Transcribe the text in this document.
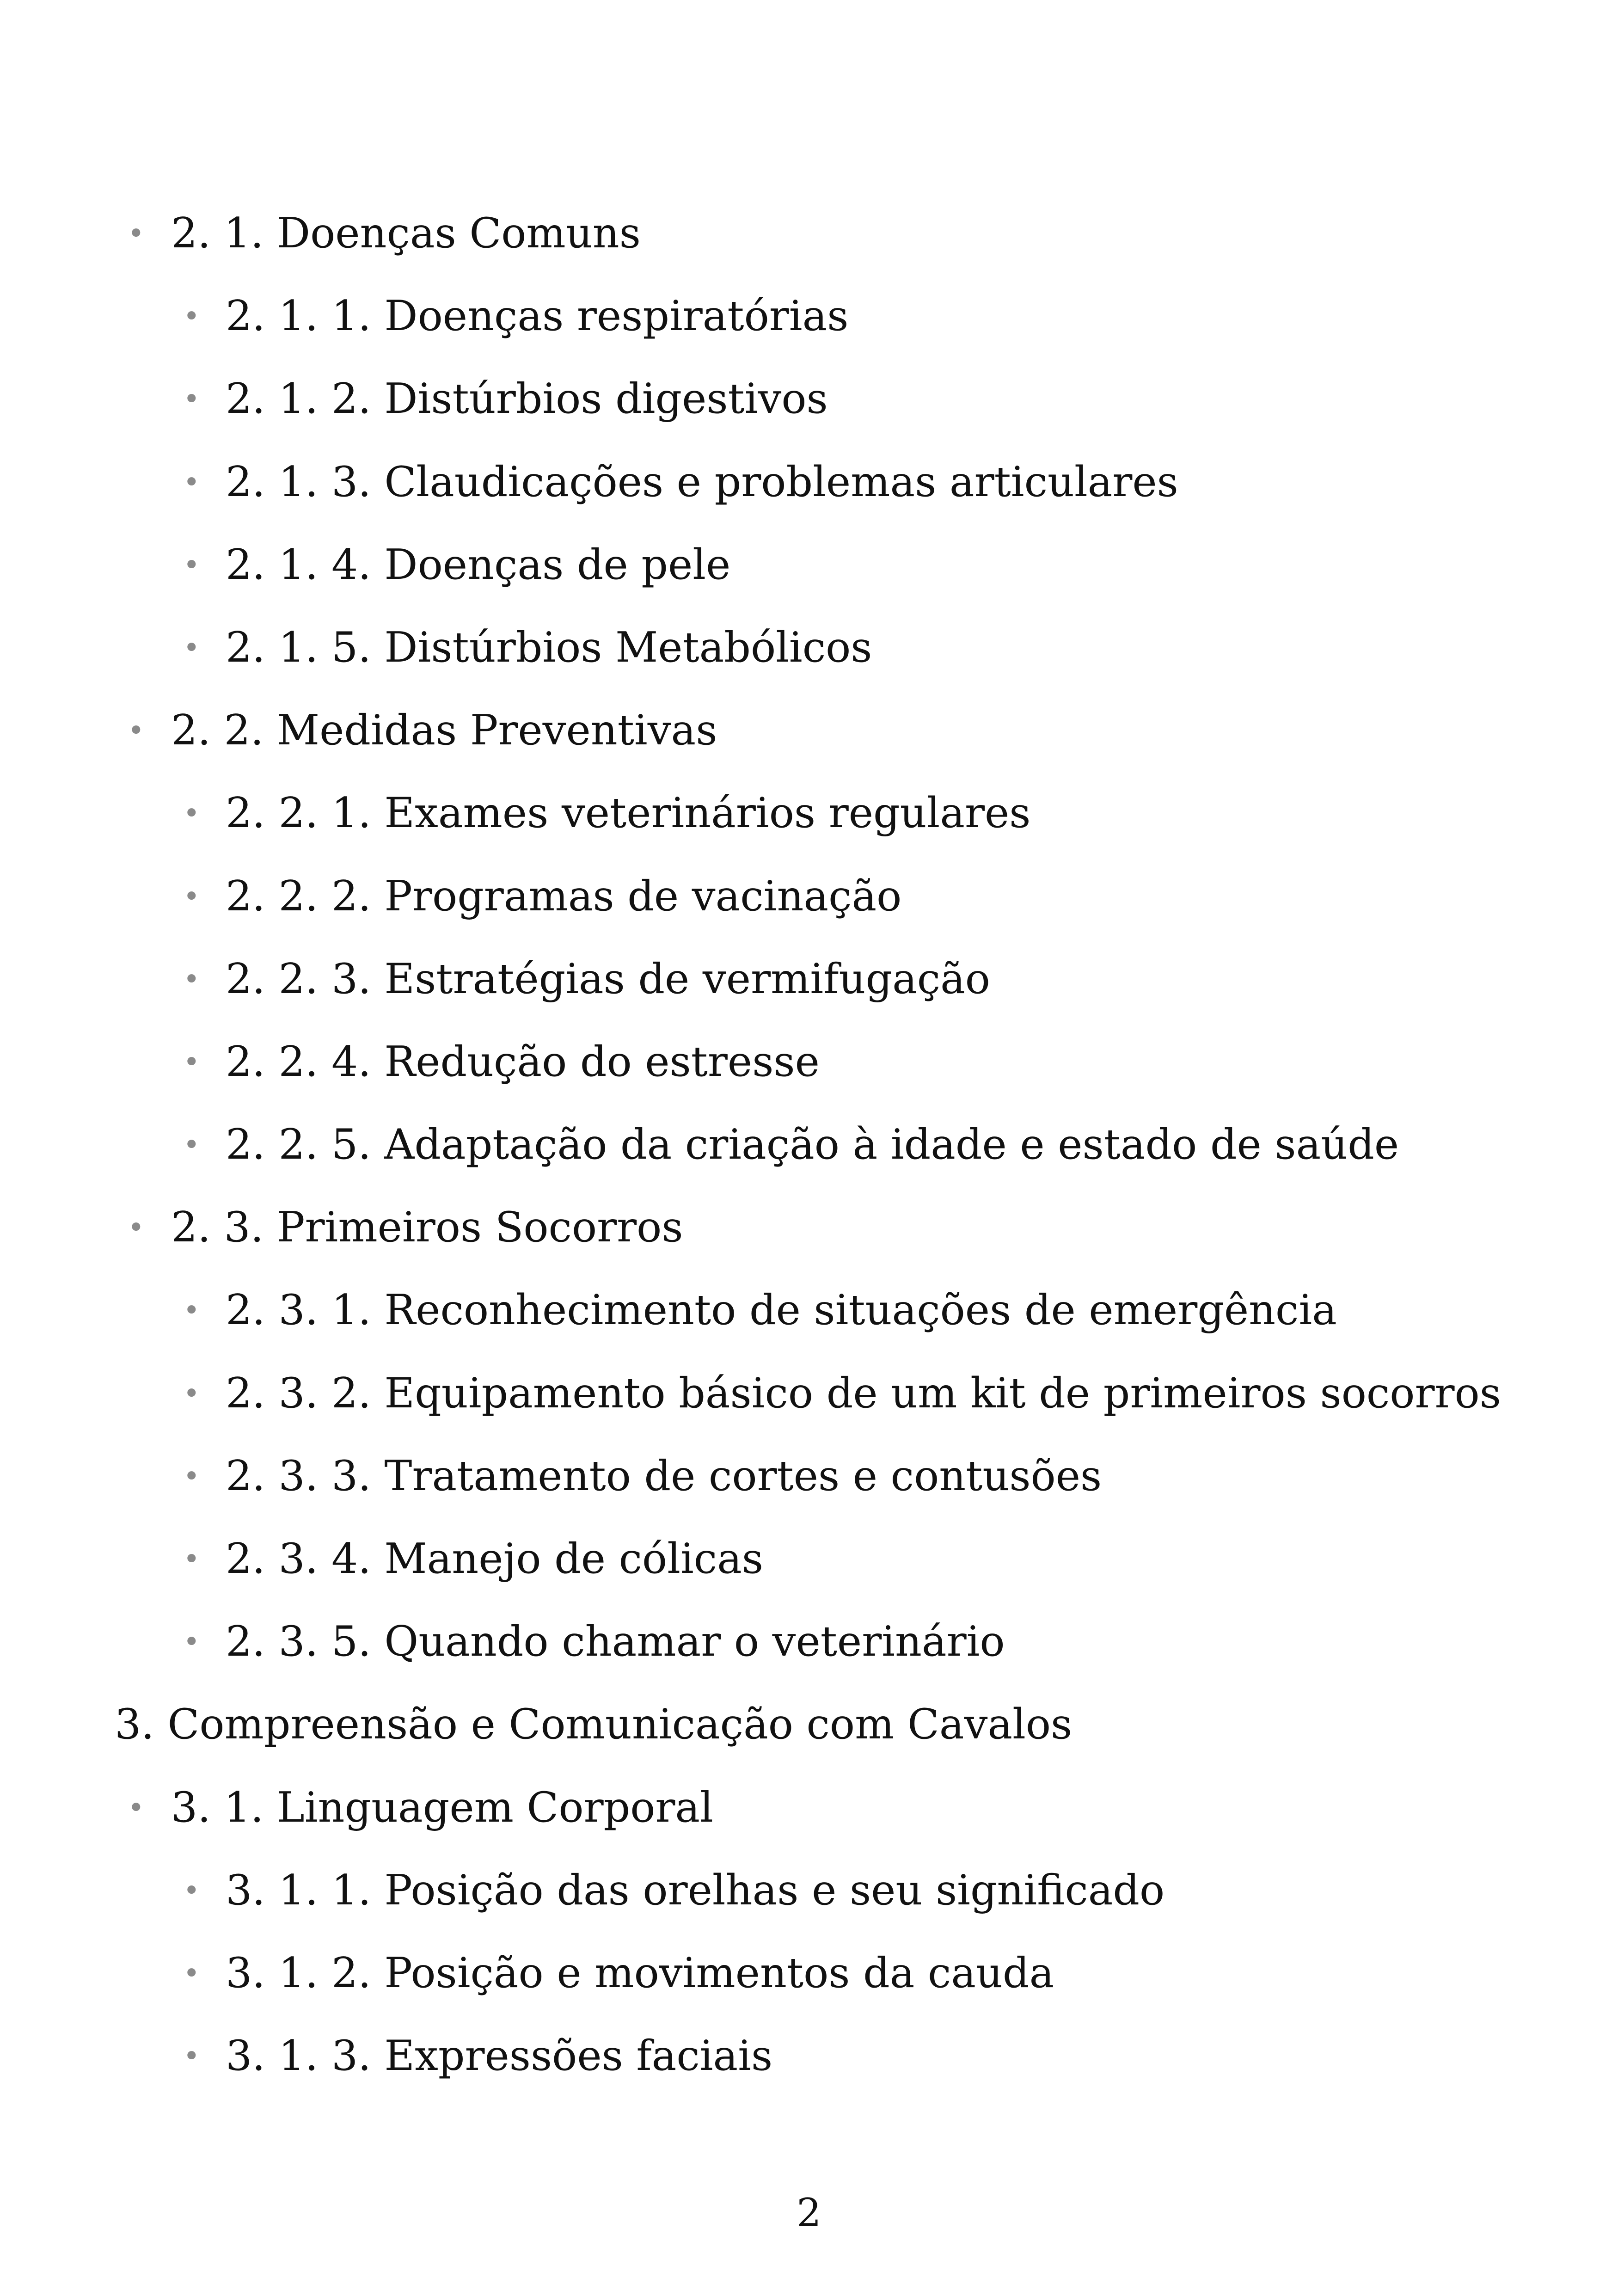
• 2. 1. Doenças Comuns
• 2. 1. 1. Doenças respiratórias
• 2. 1. 2. Distúrbios digestivos
• 2. 1. 3. Claudicações e problemas articulares
• 2. 1. 4. Doenças de pele
• 2. 1. 5. Distúrbios Metabólicos
• 2. 2. Medidas Preventivas
• 2. 2. 1. Exames veterinários regulares
• 2. 2. 2. Programas de vacinação
• 2. 2. 3. Estratégias de vermifugação
• 2. 2. 4. Redução do estresse
• 2. 2. 5. Adaptação da criação à idade e estado de saúde
• 2. 3. Primeiros Socorros
• 2. 3. 1. Reconhecimento de situações de emergência
• 2. 3. 2. Equipamento básico de um kit de primeiros socorros
• 2. 3. 3. Tratamento de cortes e contusões
• 2. 3. 4. Manejo de cólicas
• 2. 3. 5. Quando chamar o veterinário
3. Compreensão e Comunicação com Cavalos
• 3. 1. Linguagem Corporal
• 3. 1. 1. Posição das orelhas e seu significado
• 3. 1. 2. Posição e movimentos da cauda
• 3. 1. 3. Expressões faciais
2
